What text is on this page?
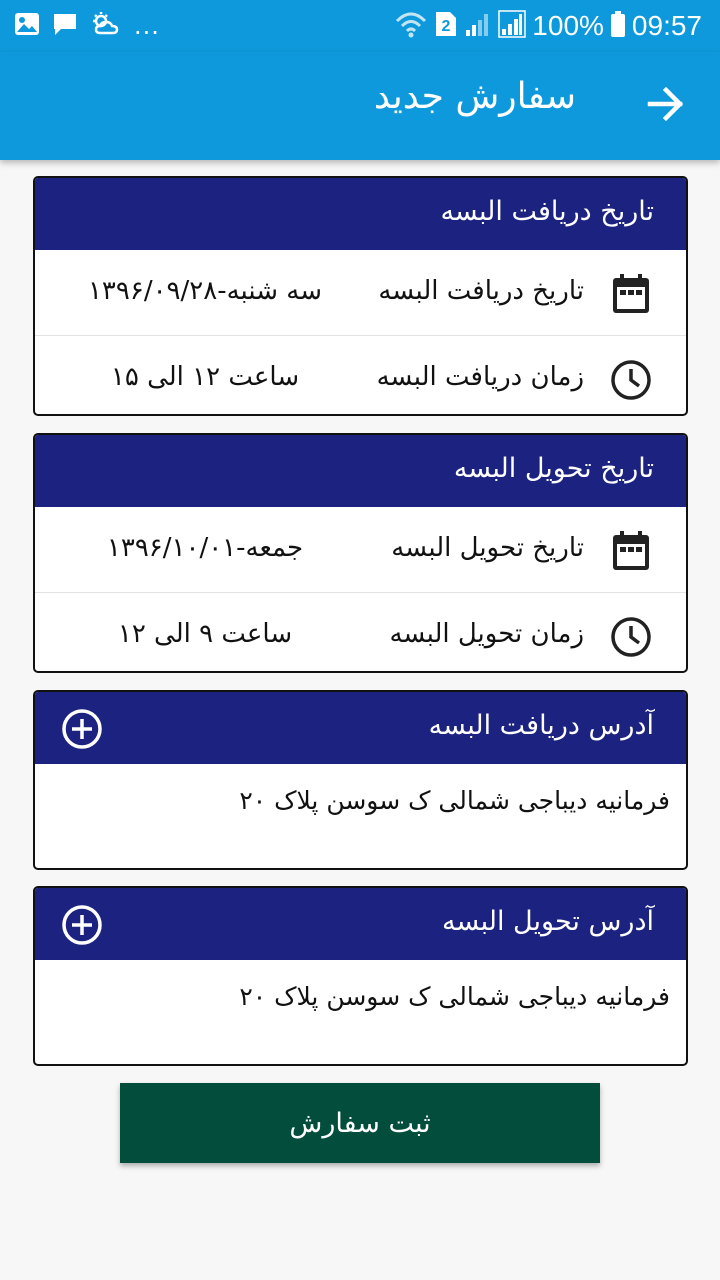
...	2	100% 09:57
سفارش جدید
تاریخ دریافت البسه
تاریخ دریافت البسه
سه شنبه-۱۳۹۶/۰۹/۲۸
زمان دریافت البسه
ساعت ۱۲ الی ۱۵
تاریخ تحویل البسه
تاریخ تحویل البسه
جمعه-۱۳۹۶/۱۰/۰۱
زمان تحویل البسه
ساعت ۹ الی ۱۲
آدرس دریافت البسه
فرمانیه دیباجی شمالی ک سوسن پلاک ۲۰
آدرس تحویل البسه
فرمانیه دیباجی شمالی ک سوسن پلاک ۲۰
ثبت سفارش
